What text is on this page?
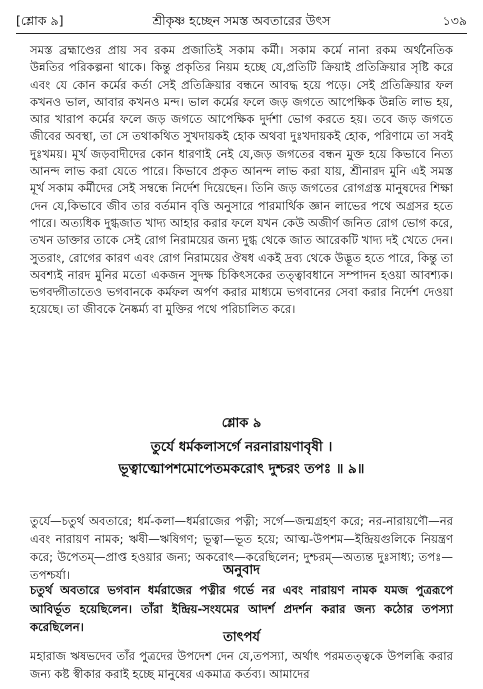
[শ্লোক ৯]	শ্রীকৃষ্ণ হচ্ছেন সমস্ত অবতারের উৎস	১৩৯

সমস্ত ব্রহ্মাণ্ডের প্রায় সব রকম প্রজাতিই সকাম কর্মী। সকাম কর্মে নানা রকম অর্থনৈতিক উন্নতির পরিকল্পনা থাকে। কিন্তু প্রকৃতির নিয়ম হচ্ছে যে,প্রতিটি ক্রিয়াই প্রতিক্রিয়ার সৃষ্টি করে এবং যে কোন কর্মের কর্তা সেই প্রতিক্রিয়ার বন্ধনে আবদ্ধ হয়ে পড়ে। সেই প্রতিক্রিয়ার ফল কখনও ভাল, আবার কখনও মন্দ। ভাল কর্মের ফলে জড় জগতে আপেক্ষিক উন্নতি লাভ হয়, আর খারাপ কর্মের ফলে জড় জগতে আপেক্ষিক দুর্দশা ভোগ করতে হয়। তবে জড় জগতে জীবের অবস্থা, তা সে তথাকথিত সুখদায়কই হোক অথবা দুঃখদায়কই হোক, পরিণামে তা সবই দুঃখময়। মূর্খ জড়বাদীদের কোন ধারণাই নেই যে,জড় জগতের বন্ধন মুক্ত হয়ে কিভাবে নিত্য আনন্দ লাভ করা যেতে পারে। কিভাবে প্রকৃত আনন্দ লাভ করা যায়, শ্রীনারদ মুনি এই সমস্ত মূর্খ সকাম কর্মীদের সেই সম্বন্ধে নির্দেশ দিয়েছেন। তিনি জড় জগতের রোগগ্রস্ত মানুষদের শিক্ষা দেন যে,কিভাবে জীব তার বর্তমান বৃত্তি অনুসারে পারমার্থিক জ্ঞান লাভের পথে অগ্রসর হতে পারে। অত্যধিক দুগ্ধজাত খাদ্য আহার করার ফলে যখন কেউ অজীর্ণ জনিত রোগ ভোগ করে, তখন ডাক্তার তাকে সেই রোগ নিরাময়ের জন্য দুগ্ধ থেকে জাত আরেকটি খাদ্য দই খেতে দেন। সুতরাং, রোগের কারণ এবং রোগ নিরাময়ের ঔষধ একই দ্রব্য থেকে উদ্ভূত হতে পারে, কিন্তু তা অবশ্যই নারদ মুনির মতো একজন সুদক্ষ চিকিৎসকের তত্ত্বাবধানে সম্পাদন হওয়া আবশ্যক। ভগবদ্গীতাতেও ভগবানকে কর্মফল অর্পণ করার মাধ্যমে ভগবানের সেবা করার নির্দেশ দেওয়া হয়েছে। তা জীবকে নৈষ্কর্ম্য বা মুক্তির পথে পরিচালিত করে।

শ্লোক ৯
তুর্যে ধর্মকলাসর্গে নরনারায়ণাবৃষী ।
ভূত্বাত্মোপশমোপেতমকরোৎ দুশ্চরং তপঃ ॥ ৯॥

তুর্যে—চতুর্থ অবতারে; ধর্ম-কলা—ধর্মরাজের পত্নী; সর্গে—জন্মগ্রহণ করে; নর-নারায়ণৌ—নর এবং নারায়ণ নামক; ঋষী—ঋষিগণ; ভূত্বা—ভূত হয়ে; আত্ম-উপশম—ইন্দ্রিয়গুলিকে নিয়ন্ত্রণ করে; উপেতম্—প্রাপ্ত হওয়ার জন্য; অকরোৎ—করেছিলেন; দুশ্চরম্—অত্যন্ত দুঃসাধ্য; তপঃ—তপশ্চর্যা।	অনুবাদ

চতুর্থ অবতারে ভগবান ধর্মরাজের পত্নীর গর্ভে নর এবং নারায়ণ নামক যমজ পুত্ররূপে আবির্ভূত হয়েছিলেন। তাঁরা ইন্দ্রিয়-সংযমের আদর্শ প্রদর্শন করার জন্য কঠোর তপস্যা করেছিলেন।

তাৎপর্য

মহারাজ ঋষভদেব তাঁর পুত্রদের উপদেশ দেন যে,তপস্যা, অর্থাৎ পরমতত্ত্বকে উপলব্ধি করার জন্য কষ্ট স্বীকার করাই হচ্ছে মানুষের একমাত্র কর্তব্য। আমাদের
